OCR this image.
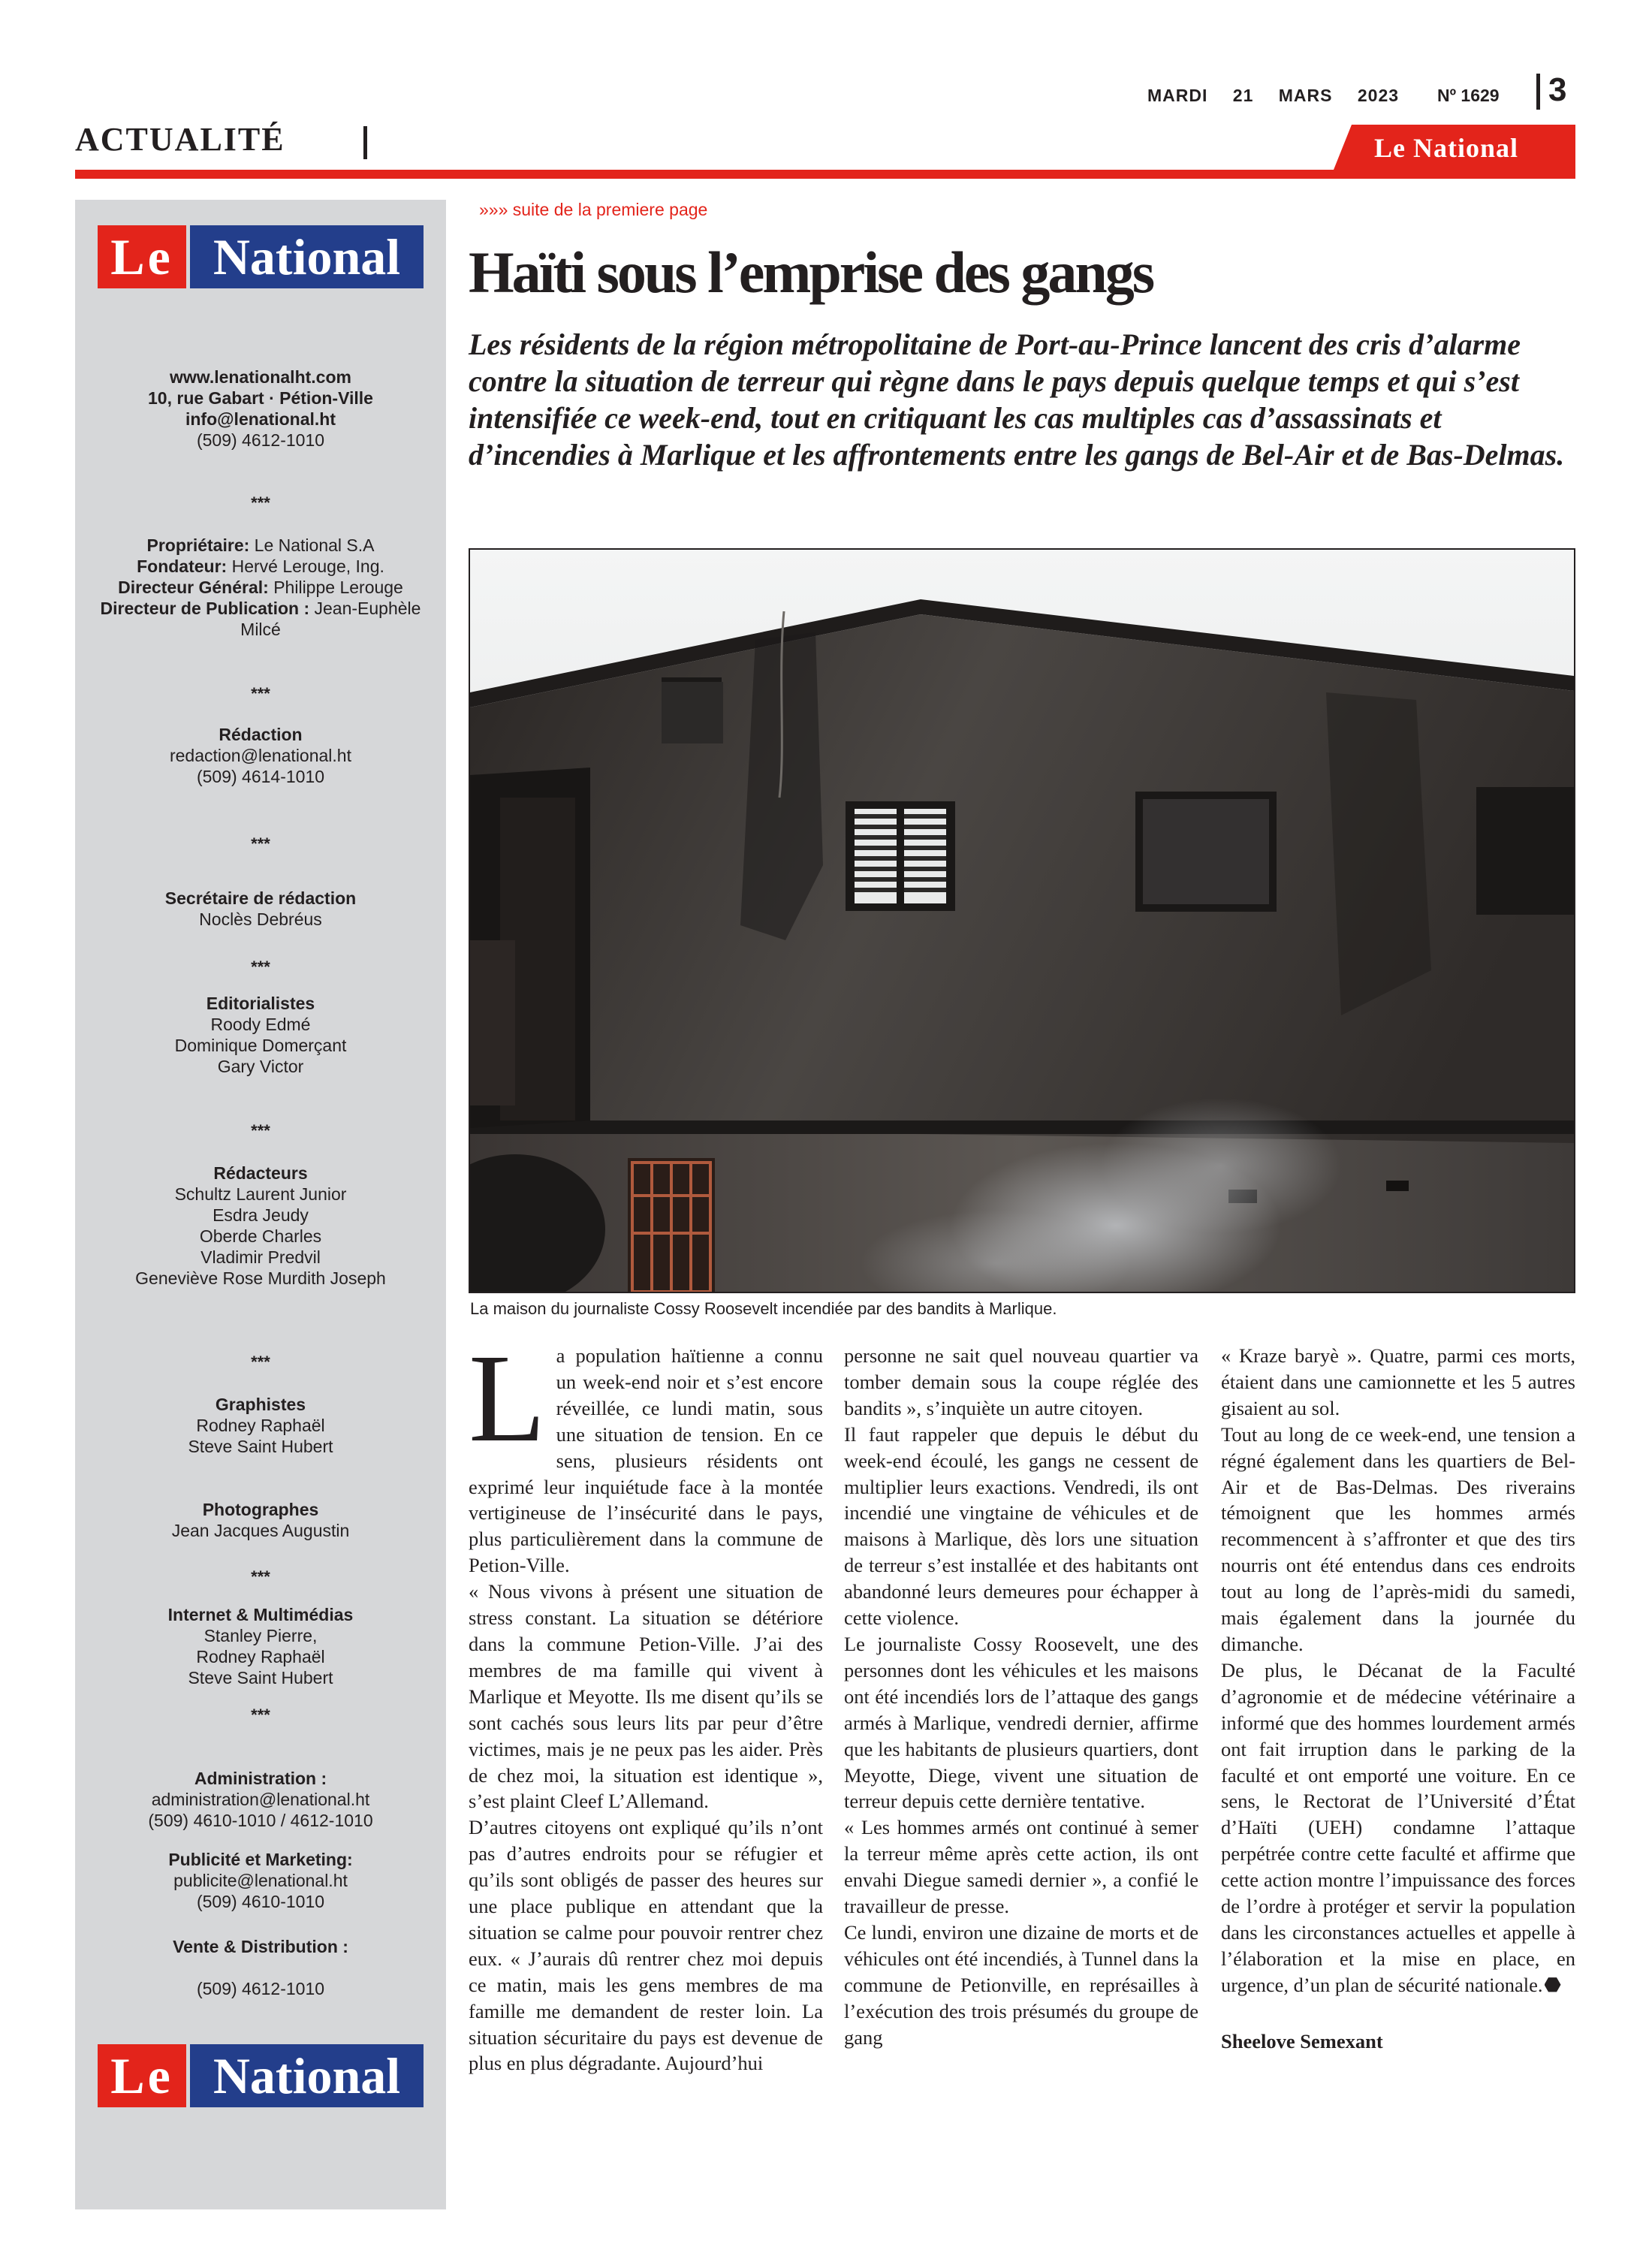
MARDI 21 MARS 2023	Nº 1629 3
ACTUALITÉ	Le National
Le National
www.lenationalht.com
10, rue Gabart · Pétion-Ville
info@lenational.ht
(509) 4612-1010
***
Propriétaire: Le National S.A
Fondateur: Hervé Lerouge, Ing.
Directeur Général: Philippe Lerouge
Directeur de Publication : Jean-Euphèle Milcé
***
Rédaction
redaction@lenational.ht
(509) 4614-1010
***
Secrétaire de rédaction
Noclès Debréus
***
Editorialistes
Roody Edmé
Dominique Domerçant
Gary Victor
***
Rédacteurs
Schultz Laurent Junior
Esdra Jeudy
Oberde Charles
Vladimir Predvil
Geneviève Rose Murdith Joseph
***
Graphistes
Rodney Raphaël
Steve Saint Hubert
Photographes
Jean Jacques Augustin
***
Internet & Multimédias
Stanley Pierre,
Rodney Raphaël
Steve Saint Hubert
***
Administration :
administration@lenational.ht
(509) 4610-1010 / 4612-1010
Publicité et Marketing:
publicite@lenational.ht
(509) 4610-1010
Vente & Distribution :
(509) 4612-1010
Le National
»»» suite de la premiere page
Haïti sous l’emprise des gangs
Les résidents de la région métropolitaine de Port-au-Prince lancent des cris d’alarme contre la situation de terreur qui règne dans le pays depuis quelque temps et qui s’est intensifiée ce week-end, tout en critiquant les cas multiples cas d’assassinats et d’incendies à Marlique et les affrontements entre les gangs de Bel-Air et de Bas-Delmas.
La maison du journaliste Cossy Roosevelt incendiée par des bandits à Marlique.
L a population haïtienne a connu un week-end noir et s’est encore réveillée, ce lundi matin, sous une situation de tension. En ce sens, plusieurs résidents ont exprimé leur inquiétude face à la montée vertigineuse de l’insécurité dans le pays, plus particulièrement dans la commune de Petion-Ville.

« Nous vivons à présent une situation de stress constant. La situation se détériore dans la commune Petion-Ville. J’ai des membres de ma famille qui vivent à Marlique et Meyotte. Ils me disent qu’ils se sont cachés sous leurs lits par peur d’être victimes, mais je ne peux pas les aider. Près de chez moi, la situation est identique », s’est plaint Cleef L’Allemand.

D’autres citoyens ont expliqué qu’ils n’ont pas d’autres endroits pour se réfugier et qu’ils sont obligés de passer des heures sur une place publique en attendant que la situation se calme pour pouvoir rentrer chez eux. « J’aurais dû rentrer chez moi depuis ce matin, mais les gens membres de ma famille me demandent de rester loin. La situation sécuritaire du pays est devenue de plus en plus dégradante. Aujourd’hui

personne ne sait quel nouveau quartier va tomber demain sous la coupe réglée des bandits », s’inquiète un autre citoyen.

Il faut rappeler que depuis le début du week-end écoulé, les gangs ne cessent de multiplier leurs exactions. Vendredi, ils ont incendié une vingtaine de véhicules et de maisons à Marlique, dès lors une situation de terreur s’est installée et des habitants ont abandonné leurs demeures pour échapper à cette violence.

Le journaliste Cossy Roosevelt, une des personnes dont les véhicules et les maisons ont été incendiés lors de l’attaque des gangs armés à Marlique, vendredi dernier, affirme que les habitants de plusieurs quartiers, dont Meyotte, Diege, vivent une situation de terreur depuis cette dernière tentative.

« Les hommes armés ont continué à semer la terreur même après cette action, ils ont envahi Diegue samedi dernier », a confié le travailleur de presse.

Ce lundi, environ une dizaine de morts et de véhicules ont été incendiés, à Tunnel dans la commune de Petionville, en représailles à l’exécution des trois présumés du groupe de gang

« Kraze baryè ». Quatre, parmi ces morts, étaient dans une camionnette et les 5 autres gisaient au sol.

Tout au long de ce week-end, une tension a régné également dans les quartiers de Bel-Air et de Bas-Delmas. Des riverains témoignent que les hommes armés recommencent à s’affronter et que des tirs nourris ont été entendus dans ces endroits tout au long de l’après-midi du samedi, mais également dans la journée du dimanche.

De plus, le Décanat de la Faculté d’agronomie et de médecine vétérinaire a informé que des hommes lourdement armés ont fait irruption dans le parking de la faculté et ont emporté une voiture. En ce sens, le Rectorat de l’Université d’État d’Haïti (UEH) condamne l’attaque perpétrée contre cette faculté et affirme que cette action montre l’impuissance des forces de l’ordre à protéger et servir la population dans les circonstances actuelles et appelle à l’élaboration et la mise en place, en urgence, d’un plan de sécurité nationale.

Sheelove Semexant
